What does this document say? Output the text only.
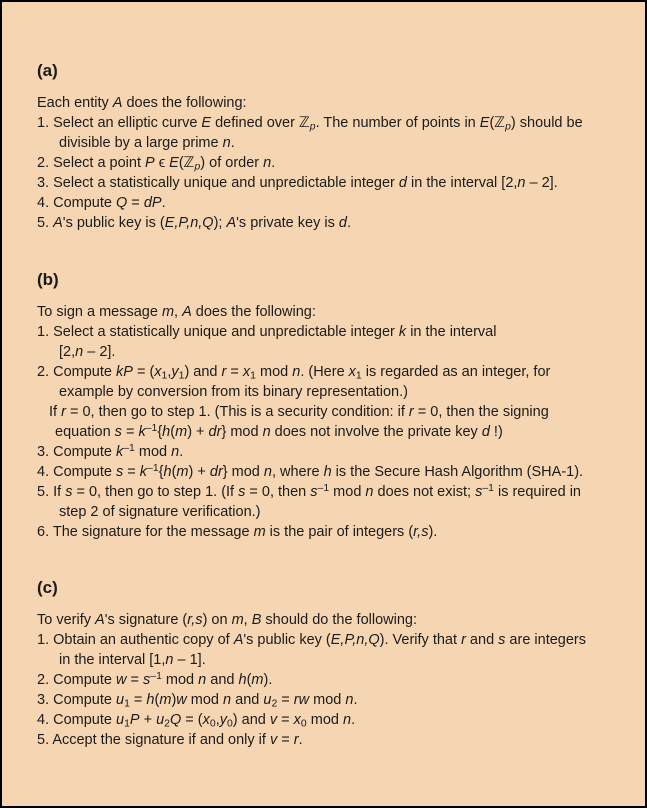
(a)
Each entity A does the following:
1. Select an elliptic curve E defined over ℤ$_p$. The number of points in E(ℤ$_p$) should be
divisible by a large prime n.
2. Select a point P ϵ E(ℤ$_p$) of order n.
3. Select a statistically unique and unpredictable integer d in the interval [2,n – 2].
4. Compute Q = dP.
5. A's public key is (E,P,n,Q); A's private key is d.
(b)
To sign a message m, A does the following:
1. Select a statistically unique and unpredictable integer k in the interval
[2,n – 2].
2. Compute kP = $(x_1,y_1)$ and $r = x_1$ mod n. (Here $x_1$ is regarded as an integer, for
example by conversion from its binary representation.)
If r = 0, then go to step 1. (This is a security condition: if r = 0, then the signing
equation $s = k^{-1}\{h(m) + dr\}$ mod n does not involve the private key d !)
3. Compute $k^{-1}$ mod n.
4. Compute $s = k^{-1}\{h(m) + dr\}$ mod n, where h is the Secure Hash Algorithm (SHA-1).
5. If s = 0, then go to step 1. (If s = 0, then $s^{-1}$ mod n does not exist; $s^{-1}$ is required in
step 2 of signature verification.)
6. The signature for the message m is the pair of integers (r,s).
(c)
To verify A's signature (r,s) on m, B should do the following:
1. Obtain an authentic copy of A's public key (E,P,n,Q). Verify that r and s are integers
in the interval [1,n – 1].
2. Compute $w = s^{-1}$ mod n and h(m).
3. Compute $u_1 = h(m)w$ mod n and $u_2$ = rw mod n.
4. Compute $u_1P + u_2Q = (x_0,y_0)$ and $v = x_0$ mod n.
5. Accept the signature if and only if v = r.
